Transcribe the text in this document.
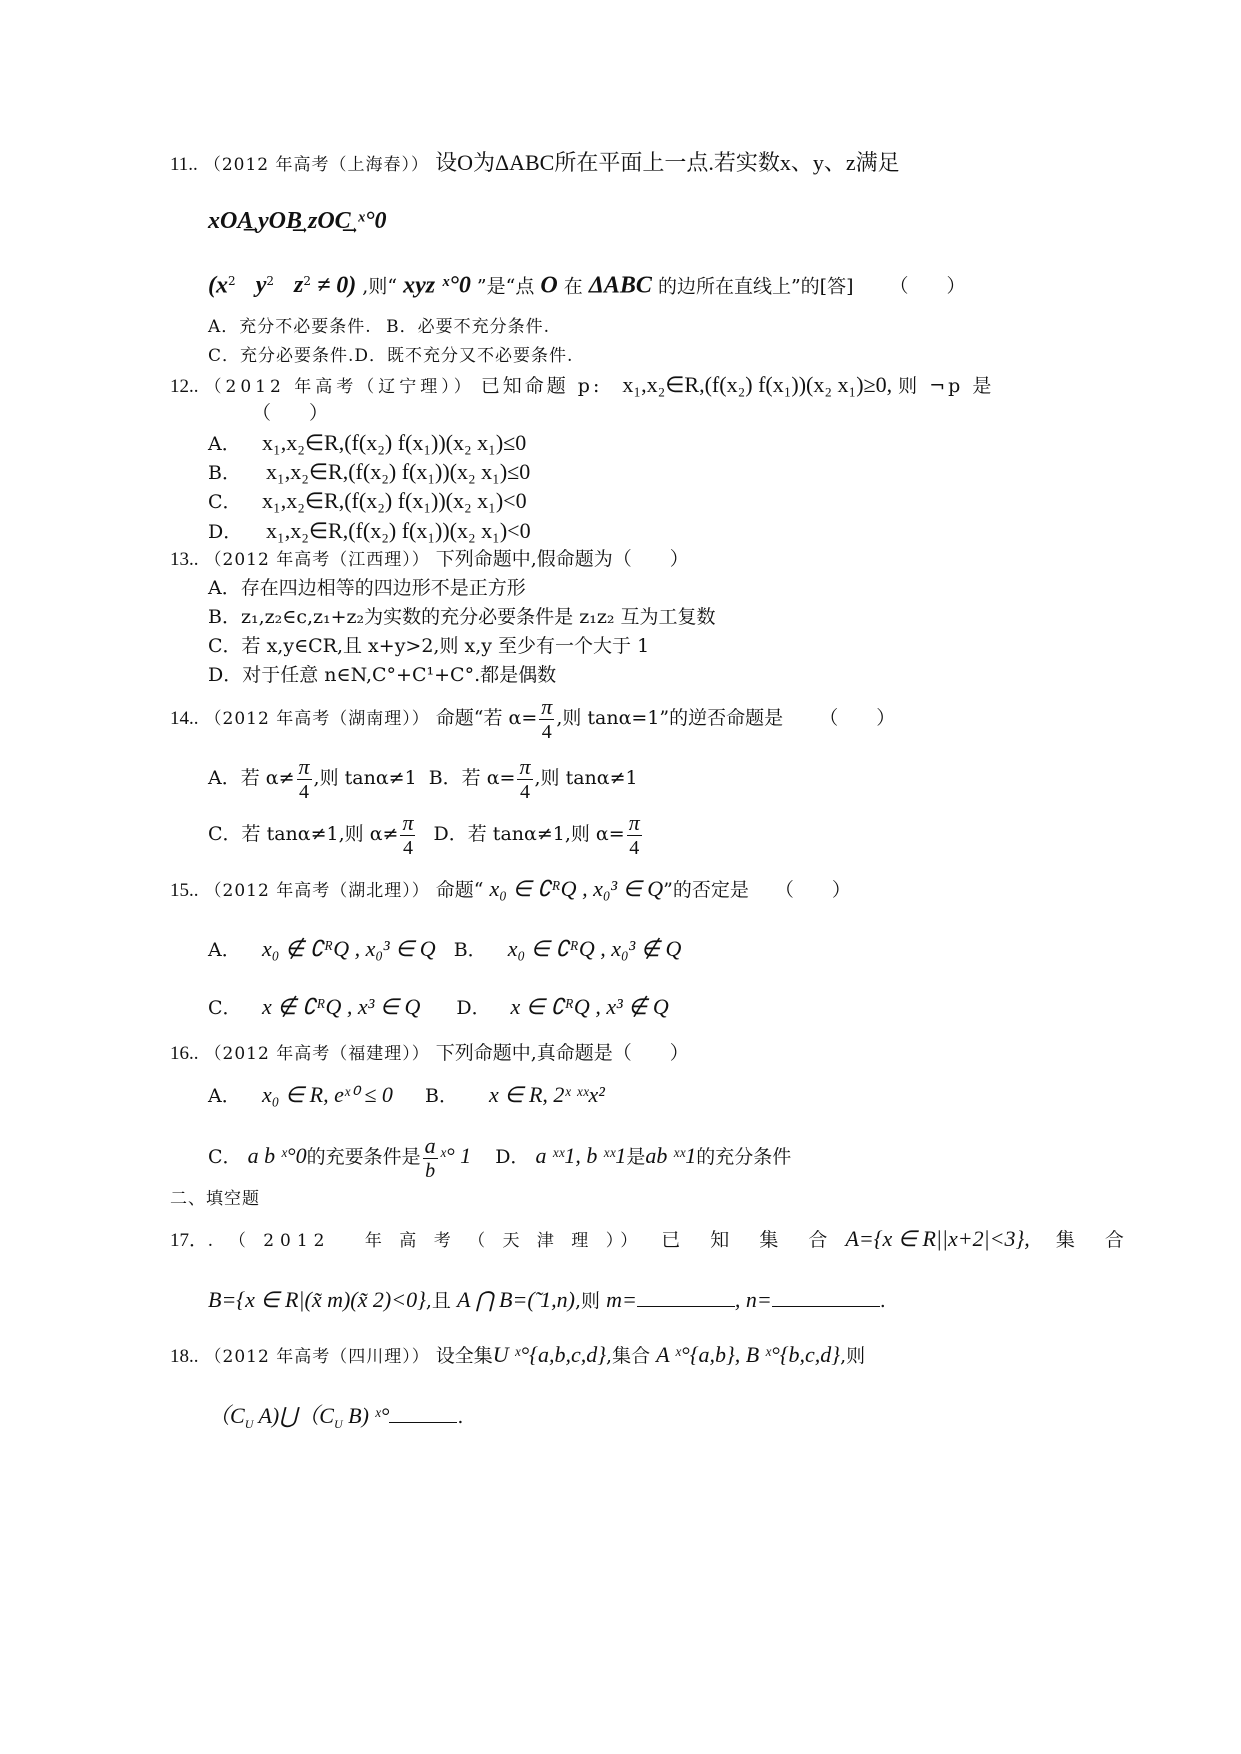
11.. （2012 年高考（上海春）） 设O为ΔABC所在平面上一点.若实数x、y、z满足
xOA͢ yOB͢ zOC͢ ˣ°0
($x^2$ $y^2$ $z^2 \ne 0$) ,则“ xyz ˣ°0 ”是“点 O 在 ΔABC 的边所在直线上”的[答] （　　）
A．充分不必要条件. B．必要不充分条件.
C．充分必要条件.D．既不充分又不必要条件.
12.. （2012 年高考（辽宁理）） 已知命题 p: x₁,x₂∈R,(f(x₂) f(x₁))(x₂ x₁)≥0, 则 ¬p 是
（　　）
A． x₁,x₂∈R,(f(x₂) f(x₁))(x₂ x₁)≤0
B． x₁,x₂∈R,(f(x₂) f(x₁))(x₂ x₁)≤0
C． x₁,x₂∈R,(f(x₂) f(x₁))(x₂ x₁)<0
D． x₁,x₂∈R,(f(x₂) f(x₁))(x₂ x₁)<0
13.. （2012 年高考（江西理）） 下列命题中,假命题为（　　）
A．存在四边相等的四边形不是正方形
B．z₁,z₂∈c,z₁+z₂为实数的充分必要条件是 z₁z₂ 互为工复数
C．若 x,y∈CR,且 x+y>2,则 x,y 至少有一个大于 1
D．对于任意 n∈N,C°+C¹+C°.都是偶数
14.. （2012 年高考（湖南理）） 命题“若 $\alpha= \frac{\pi}{4}$ ,则 tanα=1”的逆否命题是 （　　）
A．若 $\alpha\ne \frac{\pi}{4}$ ,则 tanα≠1 B．若 $\alpha= \frac{\pi}{4}$ ,则 tanα≠1
C．若 tanα≠1,则 $\alpha\ne \frac{\pi}{4}$ D．若 tanα≠1,则 $\alpha= \frac{\pi}{4}$
15.. （2012 年高考（湖北理）） 命题“ x₀ ∈ ∁ᴿQ , x₀³ ∈ Q”的否定是 （　　）
A． x₀ ∉ ∁ᴿQ , x₀³ ∈ Q B． x₀ ∈ ∁ᴿQ , x₀³ ∉ Q
C． x ∉ ∁ᴿQ , x³ ∈ Q D． x ∈ ∁ᴿQ , x³ ∉ Q
16.. （2012 年高考（福建理）） 下列命题中,真命题是（　　）
A． x₀ ∈ R, eˣ⁰ ≤ 0 B． x ∈ R, 2ˣ ˣˣx²
C． a b ˣ°0的充要条件是 $\frac{a}{b}$ ˣ° 1 D． a ˣˣ1, b ˣˣ1是ab ˣˣ1的充分条件
二、填空题
17．. （ 2012　 年 高 考 （ 天 津 理 ）） 已 知 集 合 A={x ∈ R||x+2|<3}, 集 合
B={x ∈ R|(x̃ m)(x̃ 2)<0},且 A ⋂ B=(̃ 1,n),则 m=	, n=	.
18.. （2012 年高考（四川理）） 设全集U ˣ°{a,b,c,d},集合 A ˣ°{a,b}, B ˣ°{b,c,d},则
（$C_U$ $A)⋃(C_U$ B) ˣ°	.
